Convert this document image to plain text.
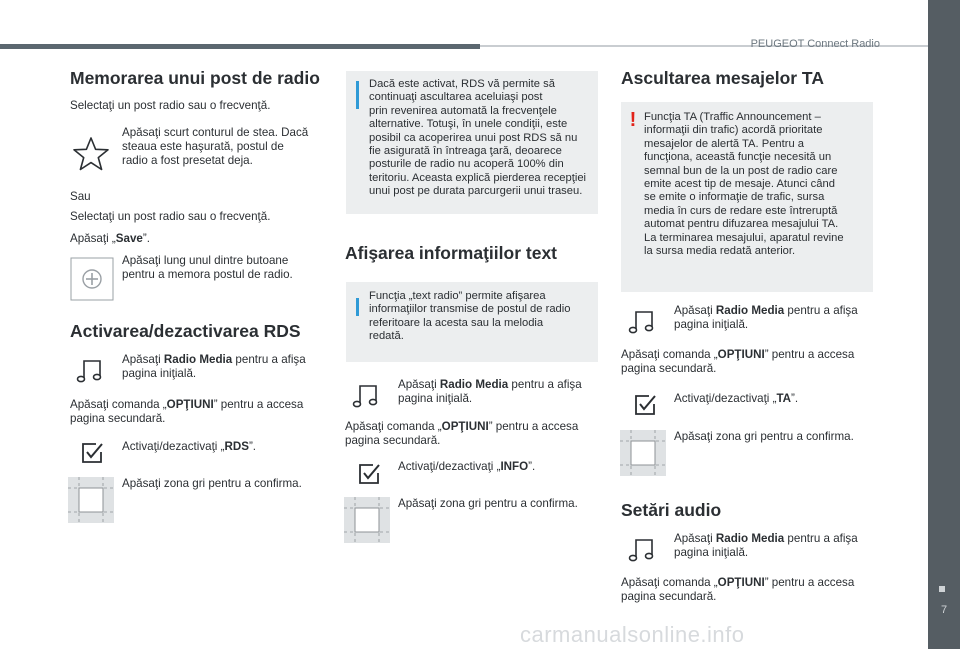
PEUGEOT Connect Radio
7
carmanualsonline.info
Memorarea unui post de radio
Selectaţi un post radio sau o frecvenţă.
Apăsaţi scurt conturul de stea. Dacă
steaua este haşurată, postul de
radio a fost presetat deja.
Sau
Selectaţi un post radio sau o frecvenţă.
Apăsaţi „Save”.
Apăsaţi lung unul dintre butoane
pentru a memora postul de radio.
Activarea/dezactivarea RDS
Apăsaţi Radio Media pentru a afişa
pagina iniţială.
Apăsaţi comanda „OPŢIUNI” pentru a accesa
pagina secundară.
Activaţi/dezactivaţi „RDS”.
Apăsaţi zona gri pentru a confirma.
Dacă este activat, RDS vă permite să
continuaţi ascultarea aceluiaşi post
prin revenirea automată la frecvenţele
alternative. Totuşi, în unele condiţii, este
posibil ca acoperirea unui post RDS să nu
fie asigurată în întreaga ţară, deoarece
posturile de radio nu acoperă 100% din
teritoriu. Aceasta explică pierderea recepţiei
unui post pe durata parcurgerii unui traseu.
Afişarea informaţiilor text
Funcţia „text radio” permite afişarea
informaţiilor transmise de postul de radio
referitoare la acesta sau la melodia
redată.
Apăsaţi Radio Media pentru a afişa
pagina iniţială.
Apăsaţi comanda „OPŢIUNI” pentru a accesa
pagina secundară.
Activaţi/dezactivaţi „INFO”.
Apăsaţi zona gri pentru a confirma.
Ascultarea mesajelor TA
! Funcţia TA (Traffic Announcement –
informaţii din trafic) acordă prioritate
mesajelor de alertă TA. Pentru a
funcţiona, această funcţie necesită un
semnal bun de la un post de radio care
emite acest tip de mesaje. Atunci când
se emite o informaţie de trafic, sursa
media în curs de redare este întreruptă
automat pentru difuzarea mesajului TA.
La terminarea mesajului, aparatul revine
la sursa media redată anterior.
Apăsaţi Radio Media pentru a afişa
pagina iniţială.
Apăsaţi comanda „OPŢIUNI” pentru a accesa
pagina secundară.
Activaţi/dezactivaţi „TA”.
Apăsaţi zona gri pentru a confirma.
Setări audio
Apăsaţi Radio Media pentru a afişa
pagina iniţială.
Apăsaţi comanda „OPŢIUNI” pentru a accesa
pagina secundară.
